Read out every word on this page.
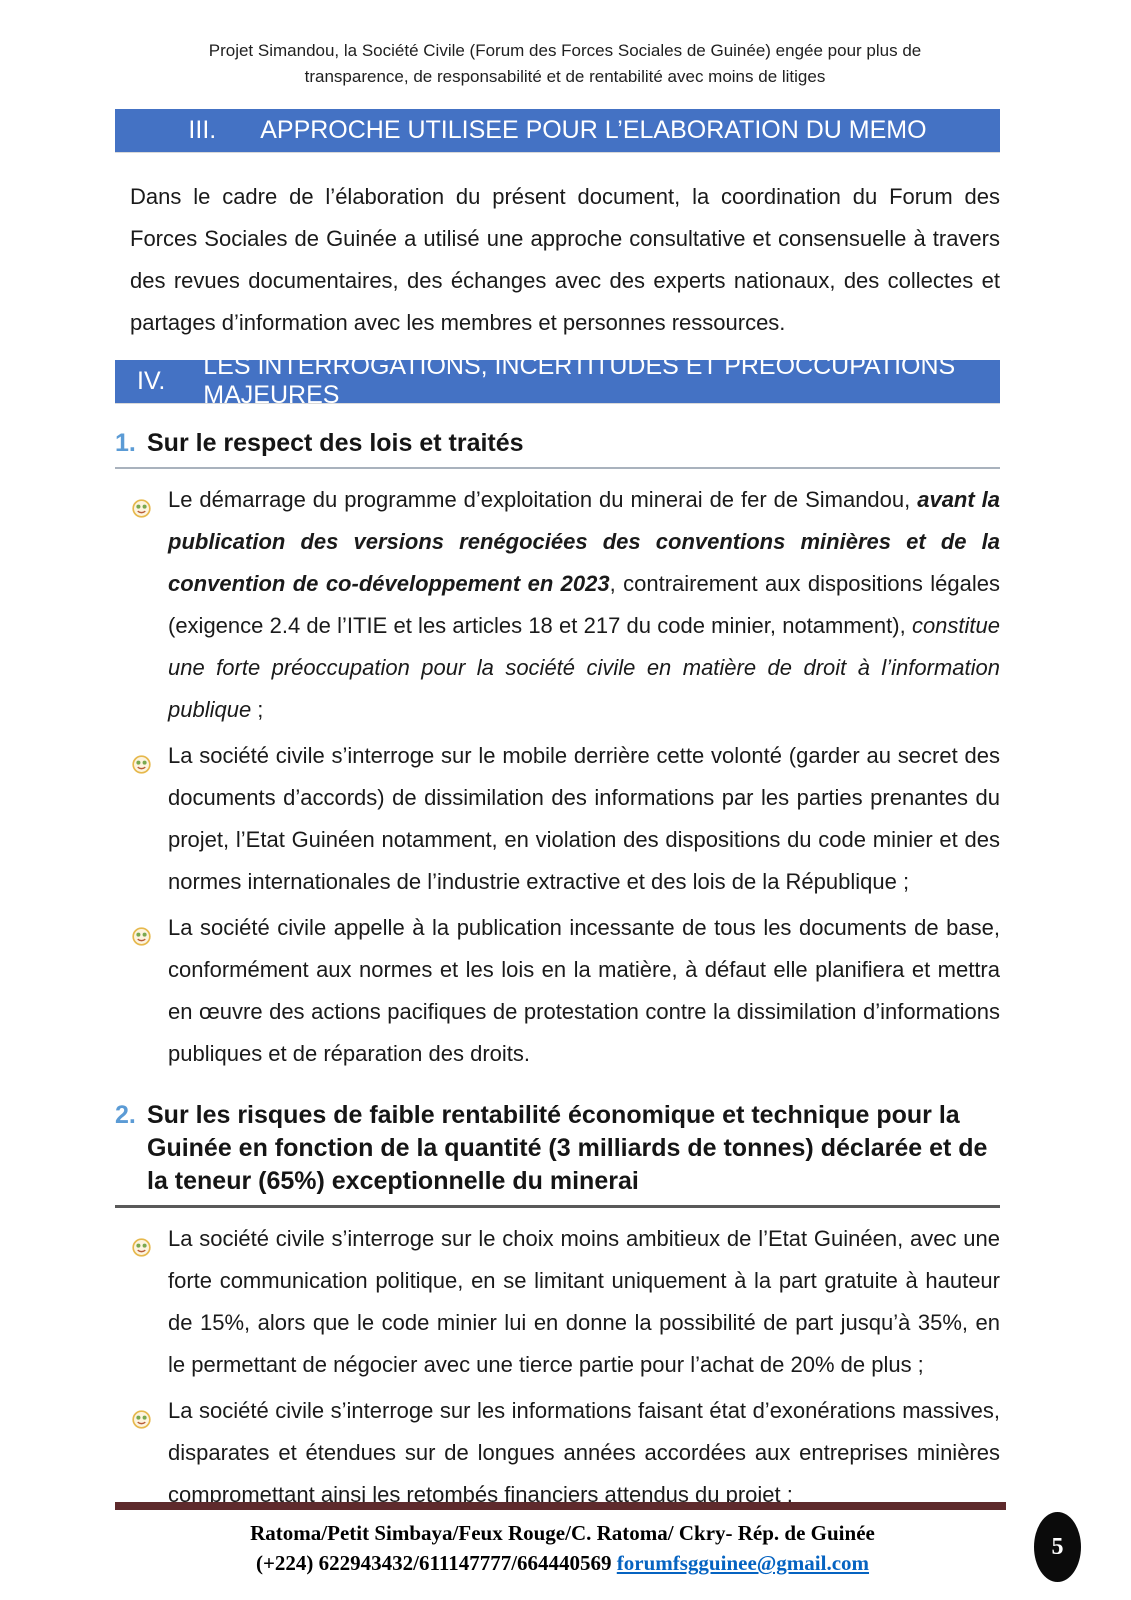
Projet Simandou, la Société Civile (Forum des Forces Sociales de Guinée) engée pour plus de transparence, de responsabilité et de rentabilité avec moins de litiges
III. APPROCHE UTILISEE POUR L’ELABORATION DU MEMO
Dans le cadre de l’élaboration du présent document, la coordination du Forum des Forces Sociales de Guinée a utilisé une approche consultative et consensuelle à travers des revues documentaires, des échanges avec des experts nationaux, des collectes et partages d’information avec les membres et personnes ressources.
IV.
LES INTERROGATIONS, INCERTITUDES ET PREOCCUPATIONS MAJEURES
1. Sur le respect des lois et traités
Le démarrage du programme d’exploitation du minerai de fer de Simandou, avant la publication des versions renégociées des conventions minières et de la convention de co-développement en 2023, contrairement aux dispositions légales (exigence 2.4 de l’ITIE et les articles 18 et 217 du code minier, notamment), constitue une forte préoccupation pour la société civile en matière de droit à l’information publique ;
La société civile s’interroge sur le mobile derrière cette volonté (garder au secret des documents d’accords) de dissimilation des informations par les parties prenantes du projet, l’Etat Guinéen notamment, en violation des dispositions du code minier et des normes internationales de l’industrie extractive et des lois de la République ;
La société civile appelle à la publication incessante de tous les documents de base, conformément aux normes et les lois en la matière, à défaut elle planifiera et mettra en œuvre des actions pacifiques de protestation contre la dissimilation d’informations publiques et de réparation des droits.
2. Sur les risques de faible rentabilité économique et technique pour la Guinée en fonction de la quantité (3 milliards de tonnes) déclarée et de la teneur (65%) exceptionnelle du minerai
La société civile s’interroge sur le choix moins ambitieux de l’Etat Guinéen, avec une forte communication politique, en se limitant uniquement à la part gratuite à hauteur de 15%, alors que le code minier lui en donne la possibilité de part jusqu’à 35%, en le permettant de négocier avec une tierce partie pour l’achat de 20% de plus ;
La société civile s’interroge sur les informations faisant état d’exonérations massives, disparates et étendues sur de longues années accordées aux entreprises minières compromettant ainsi les retombés financiers attendus du projet ;
Ratoma/Petit Simbaya/Feux Rouge/C. Ratoma/ Ckry- Rép. de Guinée
(+224) 622943432/611147777/664440569 forumfsgguinee@gmail.com
5
